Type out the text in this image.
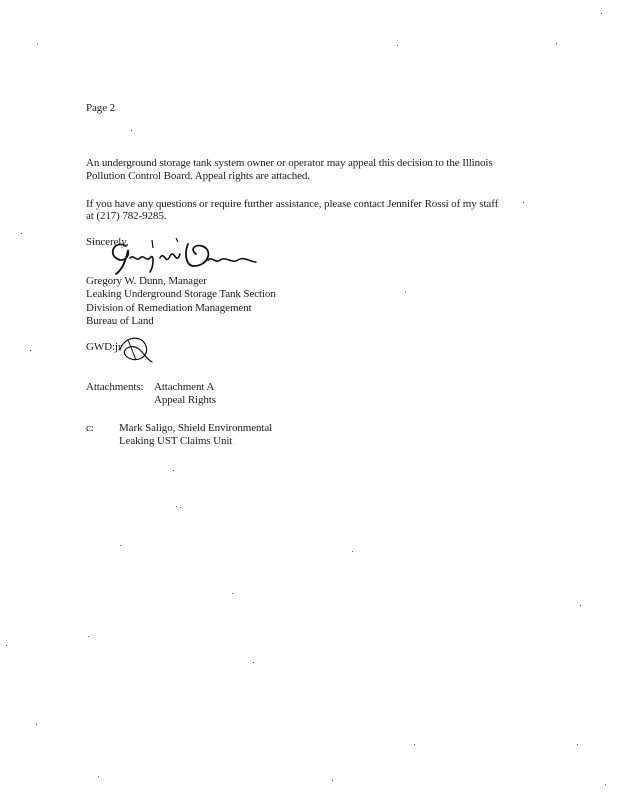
Page 2
An underground storage tank system owner or operator may appeal this decision to the Illinois
Pollution Control Board. Appeal rights are attached.
If you have any questions or require further assistance, please contact Jennifer Rossi of my staff
at (217) 782-9285.
Sincerely,
Gregory W. Dunn, Manager
Leaking Underground Storage Tank Section
Division of Remediation Management
Bureau of Land
GWD:jr
Attachments: Attachment A
Appeal Rights
c: Mark Saligo, Shield Environmental
Leaking UST Claims Unit
